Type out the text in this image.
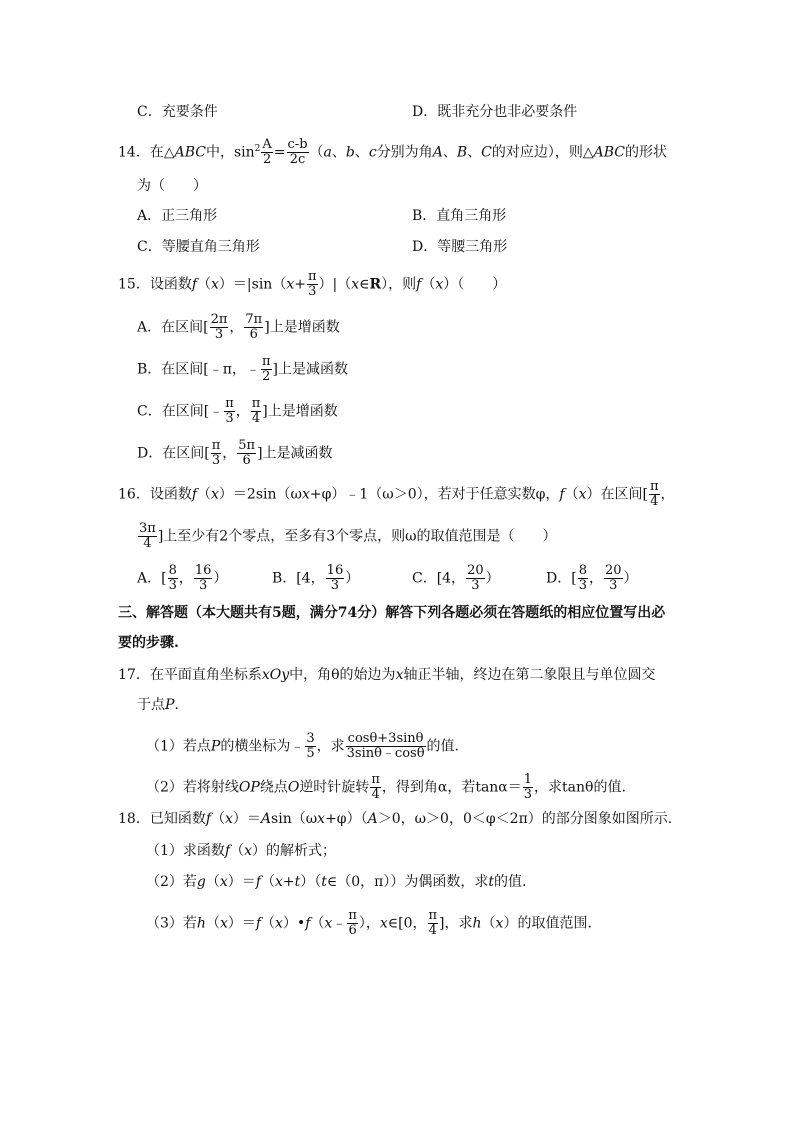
C．充要条件	D．既非充分也非必要条件
14．在△ABC中，$\sin^2 \frac{A}{2} = \frac{c-b}{2c} (a$、b、c分别为角A、B、C的对应边），则△ABC的形状
为（　　）
A．正三角形	B．直角三角形
C．等腰直角三角形	D．等腰三角形
15．设函数$f(x)=|\sin(x+ \frac{\pi}{3}$ ）|（x∈R），则f（x）（　　）
A．在区间[ $\frac{2\pi}{3}$ ， $\frac{7\pi}{6}$ ]上是增函数
B．在区间[﹣π，﹣ $\frac{\pi}{2}$ ]上是减函数
C．在区间[﹣ $\frac{\pi}{3}$ ， $\frac{\pi}{4}$ ]上是增函数
D．在区间[ $\frac{\pi}{3}$ ， $\frac{5\pi}{6}$ ]上是减函数
16．设函数f（x）＝2sin（ωx+φ）﹣1（ω＞0），若对于任意实数φ，f（x）在区间[ $\frac{\pi}{4}$ ，
$\frac{3\pi}{4}$ ]上至少有2个零点，至多有3个零点，则ω的取值范围是（　　）
A．[ $\frac{8}{3}$ ， $\frac{16}{3}$ ）	B．[4， $\frac{16}{3}$ ）	C．[4， $\frac{20}{3}$ ）	D．[ $\frac{8}{3}$ ， $\frac{20}{3}$ ）
三、解答题（本大题共有5题，满分74分）解答下列各题必须在答题纸的相应位置写出必
要的步骤.
17．在平面直角坐标系xOy中，角θ的始边为x轴正半轴，终边在第二象限且与单位圆交
于点P.
（1）若点P的横坐标为﹣ $\frac{3}{5}$ ，求 $\frac{\cos\theta+3\sin\theta}{3\sin\theta﹣\cos\theta}$ 的值.
（2）若将射线OP绕点O逆时针旋转 $\frac{\pi}{4}$ ，得到角α，若$\tan\alpha= \frac{1}{3}$ ，求tanθ的值.
18．已知函数f（x）＝Asin（ωx+φ）（A＞0，ω＞0，0＜φ＜2π）的部分图象如图所示.
（1）求函数f（x）的解析式；
（2）若g（x）＝f（x+t）（t∈（0，π））为偶函数，求t的值.
（3）若h（x）＝f（x）•f（x﹣ $\frac{\pi}{6}$ ），x∈[0， $\frac{\pi}{4}$ ]，求h（x）的取值范围.
